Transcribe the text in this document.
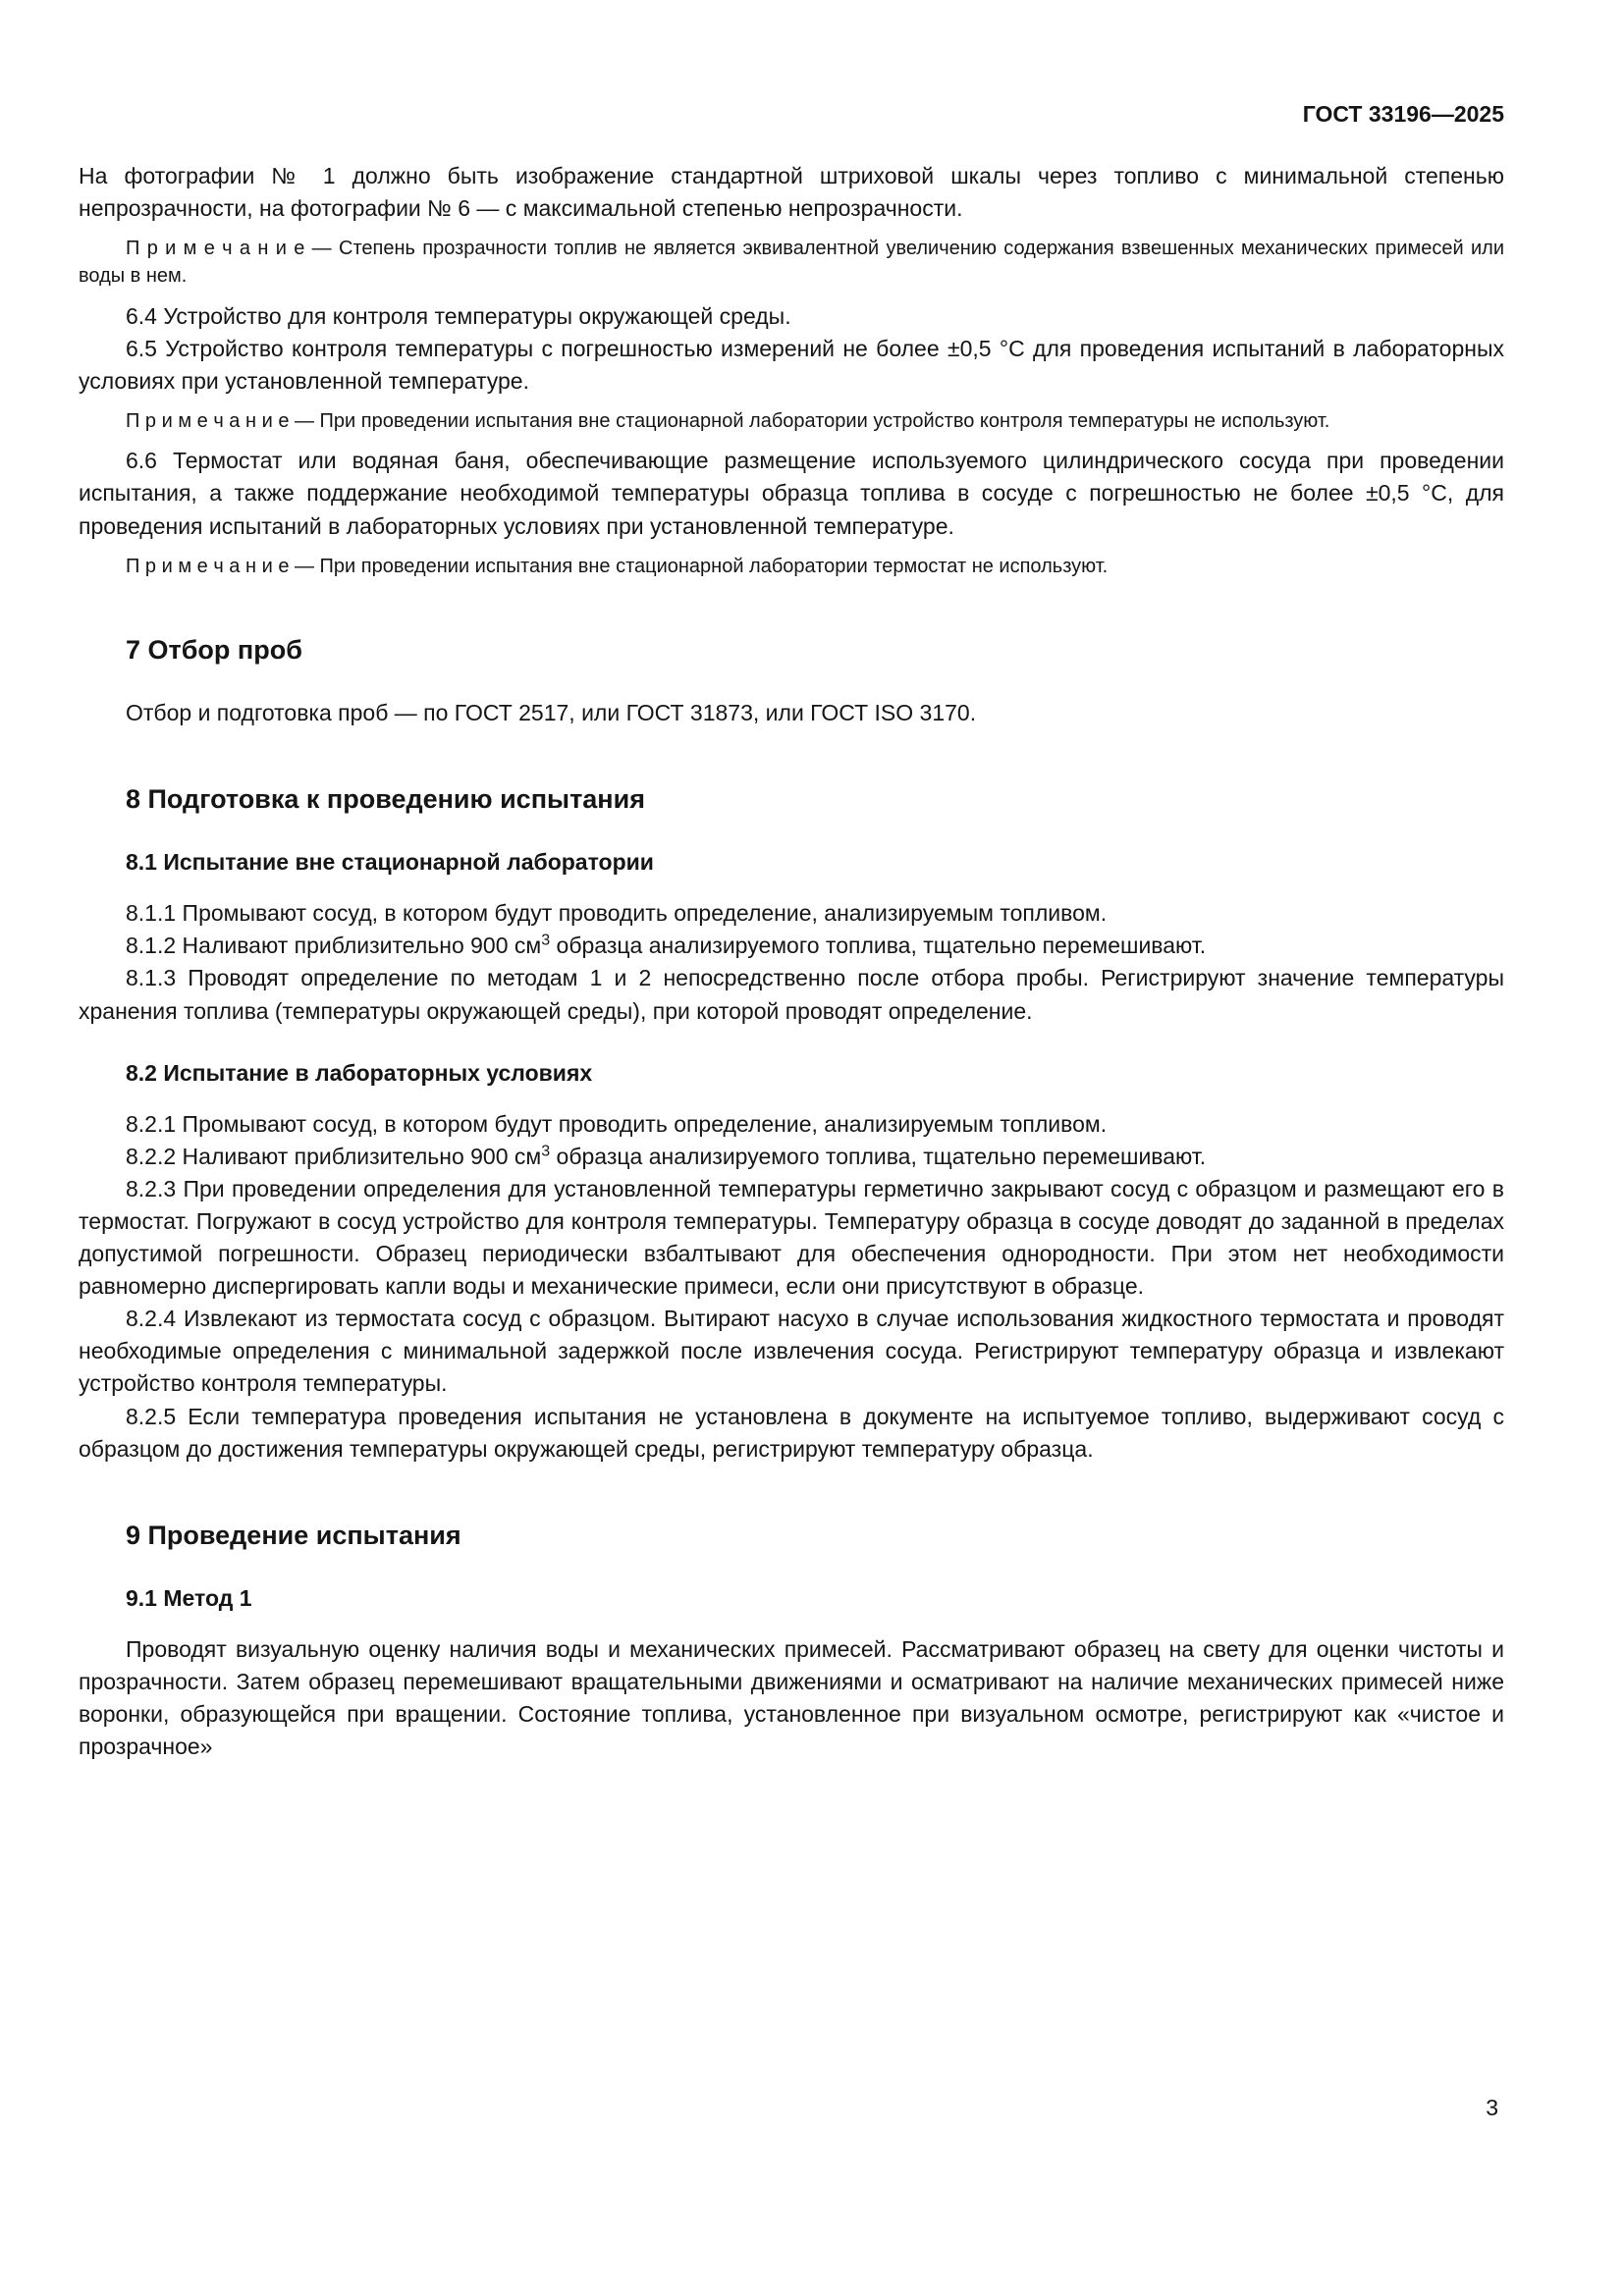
ГОСТ 33196—2025

На фотографии № 1 должно быть изображение стандартной штриховой шкалы через топливо с минимальной степенью непрозрачности, на фотографии № 6 — с максимальной степенью непрозрачности.

П р и м е ч а н и е — Степень прозрачности топлив не является эквивалентной увеличению содержания взвешенных механических примесей или воды в нем.

6.4 Устройство для контроля температуры окружающей среды.

6.5 Устройство контроля температуры с погрешностью измерений не более ±0,5 °С для проведения испытаний в лабораторных условиях при установленной температуре.

П р и м е ч а н и е — При проведении испытания вне стационарной лаборатории устройство контроля температуры не используют.

6.6 Термостат или водяная баня, обеспечивающие размещение используемого цилиндрического сосуда при проведении испытания, а также поддержание необходимой температуры образца топлива в сосуде с погрешностью не более ±0,5 °С, для проведения испытаний в лабораторных условиях при установленной температуре.

П р и м е ч а н и е — При проведении испытания вне стационарной лаборатории термостат не используют.

7 Отбор проб

Отбор и подготовка проб — по ГОСТ 2517, или ГОСТ 31873, или ГОСТ ISO 3170.

8 Подготовка к проведению испытания
8.1 Испытание вне стационарной лаборатории

8.1.1 Промывают сосуд, в котором будут проводить определение, анализируемым топливом.

8.1.2 Наливают приблизительно 900 $см^3$ образца анализируемого топлива, тщательно перемешивают.

8.1.3 Проводят определение по методам 1 и 2 непосредственно после отбора пробы. Регистрируют значение температуры хранения топлива (температуры окружающей среды), при которой проводят определение.

8.2 Испытание в лабораторных условиях

8.2.1 Промывают сосуд, в котором будут проводить определение, анализируемым топливом.

8.2.2 Наливают приблизительно 900 $см^3$ образца анализируемого топлива, тщательно перемешивают.

8.2.3 При проведении определения для установленной температуры герметично закрывают сосуд с образцом и размещают его в термостат. Погружают в сосуд устройство для контроля температуры. Температуру образца в сосуде доводят до заданной в пределах допустимой погрешности. Образец периодически взбалтывают для обеспечения однородности. При этом нет необходимости равномерно диспергировать капли воды и механические примеси, если они присутствуют в образце.

8.2.4 Извлекают из термостата сосуд с образцом. Вытирают насухо в случае использования жидкостного термостата и проводят необходимые определения с минимальной задержкой после извлечения сосуда. Регистрируют температуру образца и извлекают устройство контроля температуры.

8.2.5 Если температура проведения испытания не установлена в документе на испытуемое топливо, выдерживают сосуд с образцом до достижения температуры окружающей среды, регистрируют температуру образца.

9 Проведение испытания
9.1 Метод 1

Проводят визуальную оценку наличия воды и механических примесей. Рассматривают образец на свету для оценки чистоты и прозрачности. Затем образец перемешивают вращательными движениями и осматривают на наличие механических примесей ниже воронки, образующейся при вращении. Состояние топлива, установленное при визуальном осмотре, регистрируют как «чистое и прозрачное»

3
